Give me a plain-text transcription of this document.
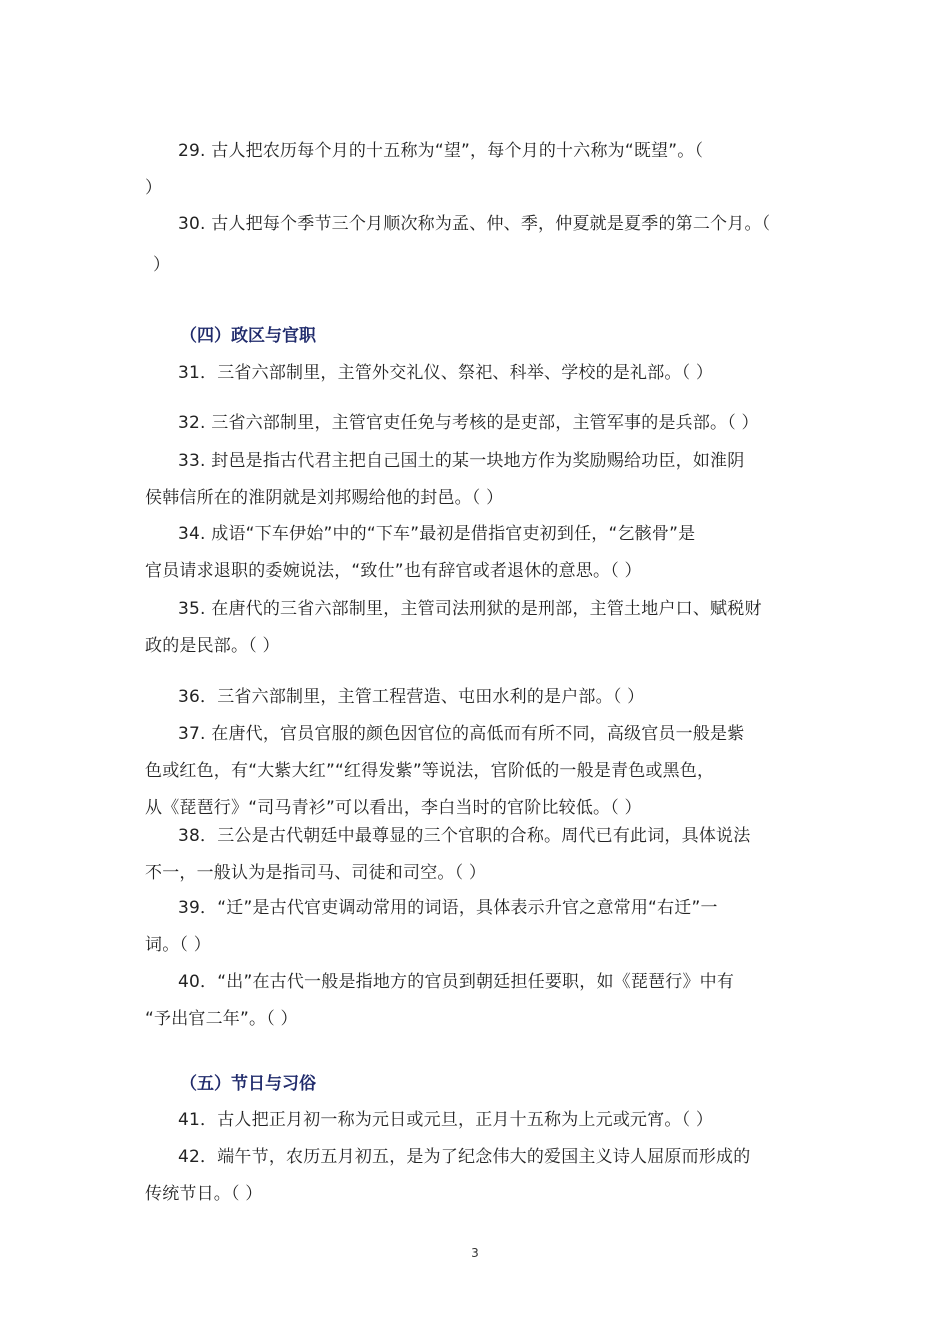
29. 古人把农历每个月的十五称为“望”，每个月的十六称为“既望”。（
）
30. 古人把每个季节三个月顺次称为孟、仲、季，仲夏就是夏季的第二个月。（
）
（四）政区与官职
31．三省六部制里，主管外交礼仪、祭祀、科举、学校的是礼部。（ ）
32. 三省六部制里，主管官吏任免与考核的是吏部，主管军事的是兵部。（ ）
33. 封邑是指古代君主把自己国土的某一块地方作为奖励赐给功臣，如淮阴
侯韩信所在的淮阴就是刘邦赐给他的封邑。（ ）
34. 成语“下车伊始”中的“下车”最初是借指官吏初到任，“乞骸骨”是
官员请求退职的委婉说法，“致仕”也有辞官或者退休的意思。（ ）
35. 在唐代的三省六部制里，主管司法刑狱的是刑部，主管土地户口、赋税财
政的是民部。（ ）
36．三省六部制里，主管工程营造、屯田水利的是户部。（ ）
37. 在唐代，官员官服的颜色因官位的高低而有所不同，高级官员一般是紫
色或红色，有“大紫大红”“红得发紫”等说法，官阶低的一般是青色或黑色，
从《琵琶行》“司马青衫”可以看出，李白当时的官阶比较低。（ ）
38．三公是古代朝廷中最尊显的三个官职的合称。周代已有此词，具体说法
不一，一般认为是指司马、司徒和司空。（ ）
39．“迁”是古代官吏调动常用的词语，具体表示升官之意常用“右迁”一
词。（ ）
40．“出”在古代一般是指地方的官员到朝廷担任要职，如《琵琶行》中有
“予出官二年”。（ ）
（五）节日与习俗
41．古人把正月初一称为元日或元旦，正月十五称为上元或元宵。（ ）
42．端午节，农历五月初五，是为了纪念伟大的爱国主义诗人屈原而形成的
传统节日。（ ）
3
